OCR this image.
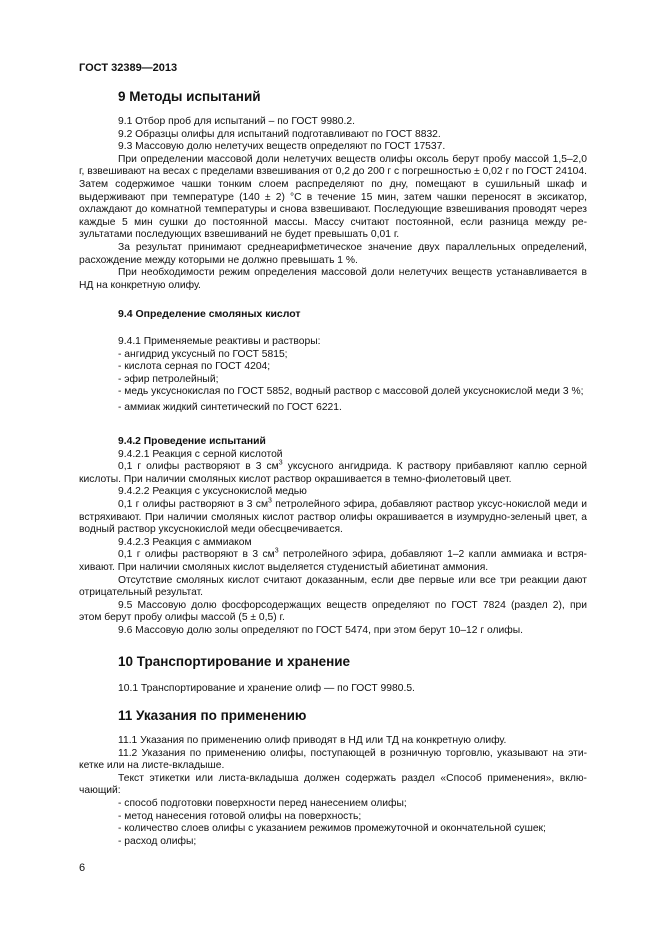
ГОСТ 32389—2013
9 Методы испытаний

9.1 Отбор проб для испытаний – по ГОСТ 9980.2.

9.2 Образцы олифы для испытаний подготавливают по ГОСТ 8832.

9.3 Массовую долю нелетучих веществ определяют по ГОСТ 17537.

При определении массовой доли нелетучих веществ олифы оксоль берут пробу массой 1,5–2,0 г, взвешивают на весах с пределами взвешивания от 0,2 до 200 г с погрешностью ± 0,02 г по ГОСТ 24104. Затем содержимое чашки тонким слоем распределяют по дну, помещают в сушильный шкаф и выдерживают при температуре (140 ± 2) °С в течение 15 мин, затем чашки переносят в эксикатор, охлаждают до комнатной температуры и снова взвешивают. Последующие взвешивания проводят через каждые 5 мин сушки до постоянной массы. Массу считают постоянной, если разница между ре-зультатами последующих взвешиваний не будет превышать 0,01 г.

За результат принимают среднеарифметическое значение двух параллельных определений, расхождение между которыми не должно превышать 1 %.

При необходимости режим определения массовой доли нелетучих веществ устанавливается в НД на конкретную олифу.

9.4 Определение смоляных кислот

9.4.1 Применяемые реактивы и растворы:

- ангидрид уксусный по ГОСТ 5815;

- кислота серная по ГОСТ 4204;

- эфир петролейный;

- медь уксуснокислая по ГОСТ 5852, водный раствор с массовой долей уксуснокислой меди 3 %;

- аммиак жидкий синтетический по ГОСТ 6221.

9.4.2 Проведение испытаний

9.4.2.1 Реакция с серной кислотой

0,1 г олифы растворяют в 3 $см^3$ уксусного ангидрида. К раствору прибавляют каплю серной кислоты. При наличии смоляных кислот раствор окрашивается в темно-фиолетовый цвет.

9.4.2.2 Реакция с уксуснокислой медью

0,1 г олифы растворяют в 3 $см^3$ петролейного эфира, добавляют раствор уксус-нокислой меди и встряхивают. При наличии смоляных кислот раствор олифы окрашивается в изумрудно-зеленый цвет, а водный раствор уксуснокислой меди обесцвечивается.

9.4.2.3 Реакция с аммиаком

0,1 г олифы растворяют в 3 $см^3$ петролейного эфира, добавляют 1–2 капли аммиака и встря-хивают. При наличии смоляных кислот выделяется студенистый абиетинат аммония.

Отсутствие смоляных кислот считают доказанным, если две первые или все три реакции дают отрицательный результат.

9.5 Массовую долю фосфорсодержащих веществ определяют по ГОСТ 7824 (раздел 2), при этом берут пробу олифы массой (5 ± 0,5) г.

9.6 Массовую долю золы определяют по ГОСТ 5474, при этом берут 10–12 г олифы.

10 Транспортирование и хранение

10.1 Транспортирование и хранение олиф — по ГОСТ 9980.5.

11 Указания по применению

11.1 Указания по применению олиф приводят в НД или ТД на конкретную олифу.

11.2 Указания по применению олифы, поступающей в розничную торговлю, указывают на эти-кетке или на листе-вкладыше.

Текст этикетки или листа-вкладыша должен содержать раздел «Способ применения», вклю-чающий:

- способ подготовки поверхности перед нанесением олифы;

- метод нанесения готовой олифы на поверхность;

- количество слоев олифы с указанием режимов промежуточной и окончательной сушек;

- расход олифы;

6
